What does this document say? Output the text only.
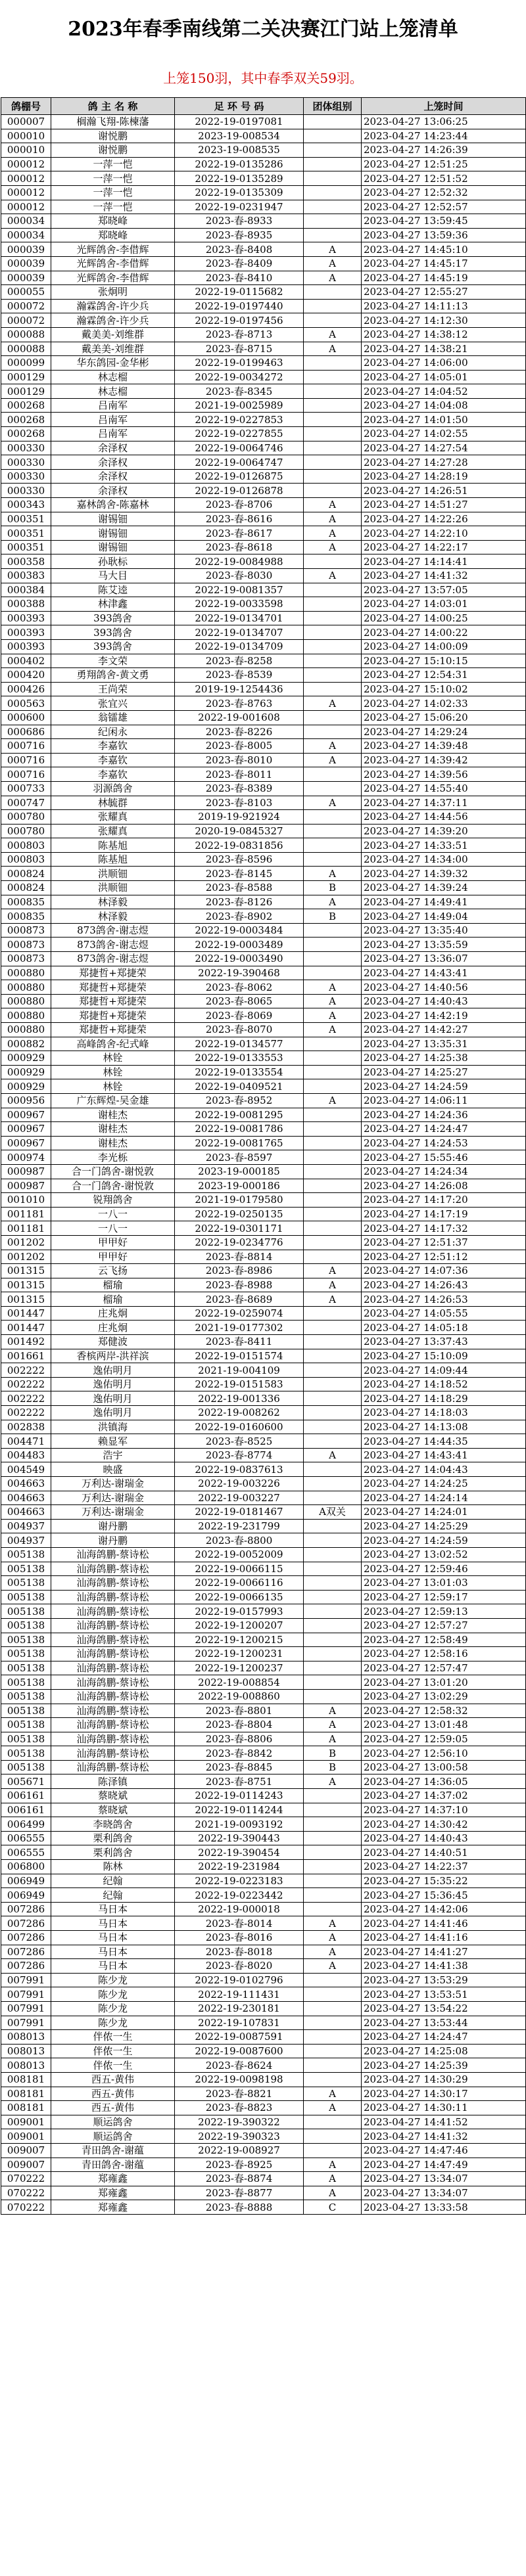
2023年春季南线第二关决赛江门站上笼清单
上笼150羽，其中春季双关59羽。
鸽棚号	鸽 主 名 称	足 环 号 码	团体组别	上笼时间
000007	榈瀚飞翔-陈楝藩	2022-19-0197081		2023-04-27 13:06:25
000010	谢悦鹏	2023-19-008534		2023-04-27 14:23:44
000010	谢悦鹏	2023-19-008535		2023-04-27 14:26:39
000012	一萍一恺	2022-19-0135286		2023-04-27 12:51:25
000012	一萍一恺	2022-19-0135289		2023-04-27 12:51:52
000012	一萍一恺	2022-19-0135309		2023-04-27 12:52:32
000012	一萍一恺	2022-19-0231947		2023-04-27 12:52:57
000034	郑晓峰	2023-春-8933		2023-04-27 13:59:45
000034	郑晓峰	2023-春-8935		2023-04-27 13:59:36
000039	光辉鸽舍-李借辉	2023-春-8408	A	2023-04-27 14:45:10
000039	光辉鸽舍-李借辉	2023-春-8409	A	2023-04-27 14:45:17
000039	光辉鸽舍-李借辉	2023-春-8410	A	2023-04-27 14:45:19
000055	张炯明	2022-19-0115682		2023-04-27 12:55:27
000072	瀚霖鸽舍-许少兵	2022-19-0197440		2023-04-27 14:11:13
000072	瀚霖鸽舍-许少兵	2022-19-0197456		2023-04-27 14:12:30
000088	戴美美-刘维群	2023-春-8713	A	2023-04-27 14:38:12
000088	戴美美-刘维群	2023-春-8715	A	2023-04-27 14:38:21
000099	华东鸽园-金华彬	2022-19-0199463		2023-04-27 14:06:00
000129	林志榴	2022-19-0034272		2023-04-27 14:05:01
000129	林志榴	2023-春-8345		2023-04-27 14:04:52
000268	吕南军	2021-19-0025989		2023-04-27 14:04:08
000268	吕南军	2022-19-0227853		2023-04-27 14:01:50
000268	吕南军	2022-19-0227855		2023-04-27 14:02:55
000330	余泽权	2022-19-0064746		2023-04-27 14:27:54
000330	余泽权	2022-19-0064747		2023-04-27 14:27:28
000330	余泽权	2022-19-0126875		2023-04-27 14:28:19
000330	余泽权	2022-19-0126878		2023-04-27 14:26:51
000343	嘉林鸽舍-陈嘉林	2023-春-8706	A	2023-04-27 14:51:27
000351	谢锡钿	2023-春-8616	A	2023-04-27 14:22:26
000351	谢锡钿	2023-春-8617	A	2023-04-27 14:22:10
000351	谢锡钿	2023-春-8618	A	2023-04-27 14:22:17
000358	孙耿标	2022-19-0084988		2023-04-27 14:14:41
000383	马大目	2023-春-8030	A	2023-04-27 14:41:32
000384	陈艾逵	2022-19-0081357		2023-04-27 13:57:05
000388	林津鑫	2022-19-0033598		2023-04-27 14:03:01
000393	393鸽舍	2022-19-0134701		2023-04-27 14:00:25
000393	393鸽舍	2022-19-0134707		2023-04-27 14:00:22
000393	393鸽舍	2022-19-0134709		2023-04-27 14:00:09
000402	李文荣	2023-春-8258		2023-04-27 15:10:15
000420	勇翔鸽舍-黄文勇	2023-春-8539		2023-04-27 12:54:31
000426	王尚荣	2019-19-1254436		2023-04-27 15:10:02
000563	张宜兴	2023-春-8763	A	2023-04-27 14:02:33
000600	翁镭雄	2022-19-001608		2023-04-27 15:06:20
000686	纪闲永	2023-春-8226		2023-04-27 14:29:24
000716	李嘉钦	2023-春-8005	A	2023-04-27 14:39:48
000716	李嘉钦	2023-春-8010	A	2023-04-27 14:39:42
000716	李嘉钦	2023-春-8011		2023-04-27 14:39:56
000733	羽源鸽舍	2023-春-8389		2023-04-27 14:55:40
000747	林毓群	2023-春-8103	A	2023-04-27 14:37:11
000780	张耀真	2019-19-921924		2023-04-27 14:44:56
000780	张耀真	2020-19-0845327		2023-04-27 14:39:20
000803	陈基旭	2022-19-0831856		2023-04-27 14:33:51
000803	陈基旭	2023-春-8596		2023-04-27 14:34:00
000824	洪顺钿	2023-春-8145	A	2023-04-27 14:39:32
000824	洪顺钿	2023-春-8588	B	2023-04-27 14:39:24
000835	林泽毅	2023-春-8126	A	2023-04-27 14:49:41
000835	林泽毅	2023-春-8902	B	2023-04-27 14:49:04
000873	873鸽舍-谢志煜	2022-19-0003484		2023-04-27 13:35:40
000873	873鸽舍-谢志煜	2022-19-0003489		2023-04-27 13:35:59
000873	873鸽舍-谢志煜	2022-19-0003490		2023-04-27 13:36:07
000880	郑捷哲+郑捷荣	2022-19-390468		2023-04-27 14:43:41
000880	郑捷哲+郑捷荣	2023-春-8062	A	2023-04-27 14:40:56
000880	郑捷哲+郑捷荣	2023-春-8065	A	2023-04-27 14:40:43
000880	郑捷哲+郑捷荣	2023-春-8069	A	2023-04-27 14:42:19
000880	郑捷哲+郑捷荣	2023-春-8070	A	2023-04-27 14:42:27
000882	高峰鸽舍-纪式峰	2022-19-0134577		2023-04-27 13:35:31
000929	林铨	2022-19-0133553		2023-04-27 14:25:38
000929	林铨	2022-19-0133554		2023-04-27 14:25:27
000929	林铨	2022-19-0409521		2023-04-27 14:24:59
000956	广东辉煌-吴金雄	2023-春-8952	A	2023-04-27 14:06:11
000967	谢桂杰	2022-19-0081295		2023-04-27 14:24:36
000967	谢桂杰	2022-19-0081786		2023-04-27 14:24:47
000967	谢桂杰	2022-19-0081765		2023-04-27 14:24:53
000974	李光栎	2023-春-8597		2023-04-27 15:55:46
000987	合一门鸽舍-谢悦敦	2023-19-000185		2023-04-27 14:24:34
000987	合一门鸽舍-谢悦敦	2023-19-000186		2023-04-27 14:26:08
001010	锐翔鸽舍	2021-19-0179580		2023-04-27 14:17:20
001181	一八一	2022-19-0250135		2023-04-27 14:17:19
001181	一八一	2022-19-0301171		2023-04-27 14:17:32
001202	甲甲好	2022-19-0234776		2023-04-27 12:51:37
001202	甲甲好	2023-春-8814		2023-04-27 12:51:12
001315	云飞扬	2023-春-8986	A	2023-04-27 14:07:36
001315	榴瑜	2023-春-8988	A	2023-04-27 14:26:43
001315	榴瑜	2023-春-8689	A	2023-04-27 14:26:53
001447	庄兆炯	2022-19-0259074		2023-04-27 14:05:55
001447	庄兆炯	2021-19-0177302		2023-04-27 14:05:18
001492	郑健波	2023-春-8411		2023-04-27 13:37:43
001661	香槟两岸-洪祥滨	2022-19-0151574		2023-04-27 15:10:09
002222	逸佑明月	2021-19-004109		2023-04-27 14:09:44
002222	逸佑明月	2022-19-0151583		2023-04-27 14:18:52
002222	逸佑明月	2022-19-001336		2023-04-27 14:18:29
002222	逸佑明月	2022-19-008262		2023-04-27 14:18:03
002838	洪镇海	2022-19-0160600		2023-04-27 14:13:08
004471	赖显军	2023-春-8525		2023-04-27 14:44:35
004483	浩宇	2023-春-8774	A	2023-04-27 14:43:41
004549	映盛	2022-19-0837613		2023-04-27 14:04:43
004663	万利达-谢瑞金	2022-19-003226		2023-04-27 14:24:25
004663	万利达-谢瑞金	2022-19-003227		2023-04-27 14:24:14
004663	万利达-谢瑞金	2022-19-0181467	A双关	2023-04-27 14:24:01
004937	谢丹鹏	2022-19-231799		2023-04-27 14:25:29
004937	谢丹鹏	2023-春-8800		2023-04-27 14:24:59
005138	汕海鸽鹏-蔡诗松	2022-19-0052009		2023-04-27 13:02:52
005138	汕海鸽鹏-蔡诗松	2022-19-0066115		2023-04-27 12:59:46
005138	汕海鸽鹏-蔡诗松	2022-19-0066116		2023-04-27 13:01:03
005138	汕海鸽鹏-蔡诗松	2022-19-0066135		2023-04-27 12:59:17
005138	汕海鸽鹏-蔡诗松	2022-19-0157993		2023-04-27 12:59:13
005138	汕海鸽鹏-蔡诗松	2022-19-1200207		2023-04-27 12:57:27
005138	汕海鸽鹏-蔡诗松	2022-19-1200215		2023-04-27 12:58:49
005138	汕海鸽鹏-蔡诗松	2022-19-1200231		2023-04-27 12:58:16
005138	汕海鸽鹏-蔡诗松	2022-19-1200237		2023-04-27 12:57:47
005138	汕海鸽鹏-蔡诗松	2022-19-008854		2023-04-27 13:01:20
005138	汕海鸽鹏-蔡诗松	2022-19-008860		2023-04-27 13:02:29
005138	汕海鸽鹏-蔡诗松	2023-春-8801	A	2023-04-27 12:58:32
005138	汕海鸽鹏-蔡诗松	2023-春-8804	A	2023-04-27 13:01:48
005138	汕海鸽鹏-蔡诗松	2023-春-8806	A	2023-04-27 12:59:05
005138	汕海鸽鹏-蔡诗松	2023-春-8842	B	2023-04-27 12:56:10
005138	汕海鸽鹏-蔡诗松	2023-春-8845	B	2023-04-27 13:00:58
005671	陈泽镇	2023-春-8751	A	2023-04-27 14:36:05
006161	蔡晓斌	2022-19-0114243		2023-04-27 14:37:02
006161	蔡晓斌	2022-19-0114244		2023-04-27 14:37:10
006499	李晓鸽舍	2021-19-0093192		2023-04-27 14:30:42
006555	栗利鸽舍	2022-19-390443		2023-04-27 14:40:43
006555	栗利鸽舍	2022-19-390454		2023-04-27 14:40:51
006800	陈林	2022-19-231984		2023-04-27 14:22:37
006949	纪翰	2022-19-0223183		2023-04-27 15:35:22
006949	纪翰	2022-19-0223442		2023-04-27 15:36:45
007286	马日本	2022-19-000018		2023-04-27 14:42:06
007286	马日本	2023-春-8014	A	2023-04-27 14:41:46
007286	马日本	2023-春-8016	A	2023-04-27 14:41:16
007286	马日本	2023-春-8018	A	2023-04-27 14:41:27
007286	马日本	2023-春-8020	A	2023-04-27 14:41:38
007991	陈少龙	2022-19-0102796		2023-04-27 13:53:29
007991	陈少龙	2022-19-111431		2023-04-27 13:53:51
007991	陈少龙	2022-19-230181		2023-04-27 13:54:22
007991	陈少龙	2022-19-107831		2023-04-27 13:53:44
008013	伴侬一生	2022-19-0087591		2023-04-27 14:24:47
008013	伴侬一生	2022-19-0087600		2023-04-27 14:25:08
008013	伴侬一生	2023-春-8624		2023-04-27 14:25:39
008181	西五-黄伟	2022-19-0098198		2023-04-27 14:30:29
008181	西五-黄伟	2023-春-8821	A	2023-04-27 14:30:17
008181	西五-黄伟	2023-春-8823	A	2023-04-27 14:30:11
009001	顺运鸽舍	2022-19-390322		2023-04-27 14:41:52
009001	顺运鸽舍	2022-19-390323		2023-04-27 14:41:32
009007	青田鸽舍-谢蕴	2022-19-008927		2023-04-27 14:47:46
009007	青田鸽舍-谢蕴	2023-春-8925	A	2023-04-27 14:47:49
070222	郑雍鑫	2023-春-8874	A	2023-04-27 13:34:07
070222	郑雍鑫	2023-春-8877	A	2023-04-27 13:34:07
070222	郑雍鑫	2023-春-8888	C	2023-04-27 13:33:58
